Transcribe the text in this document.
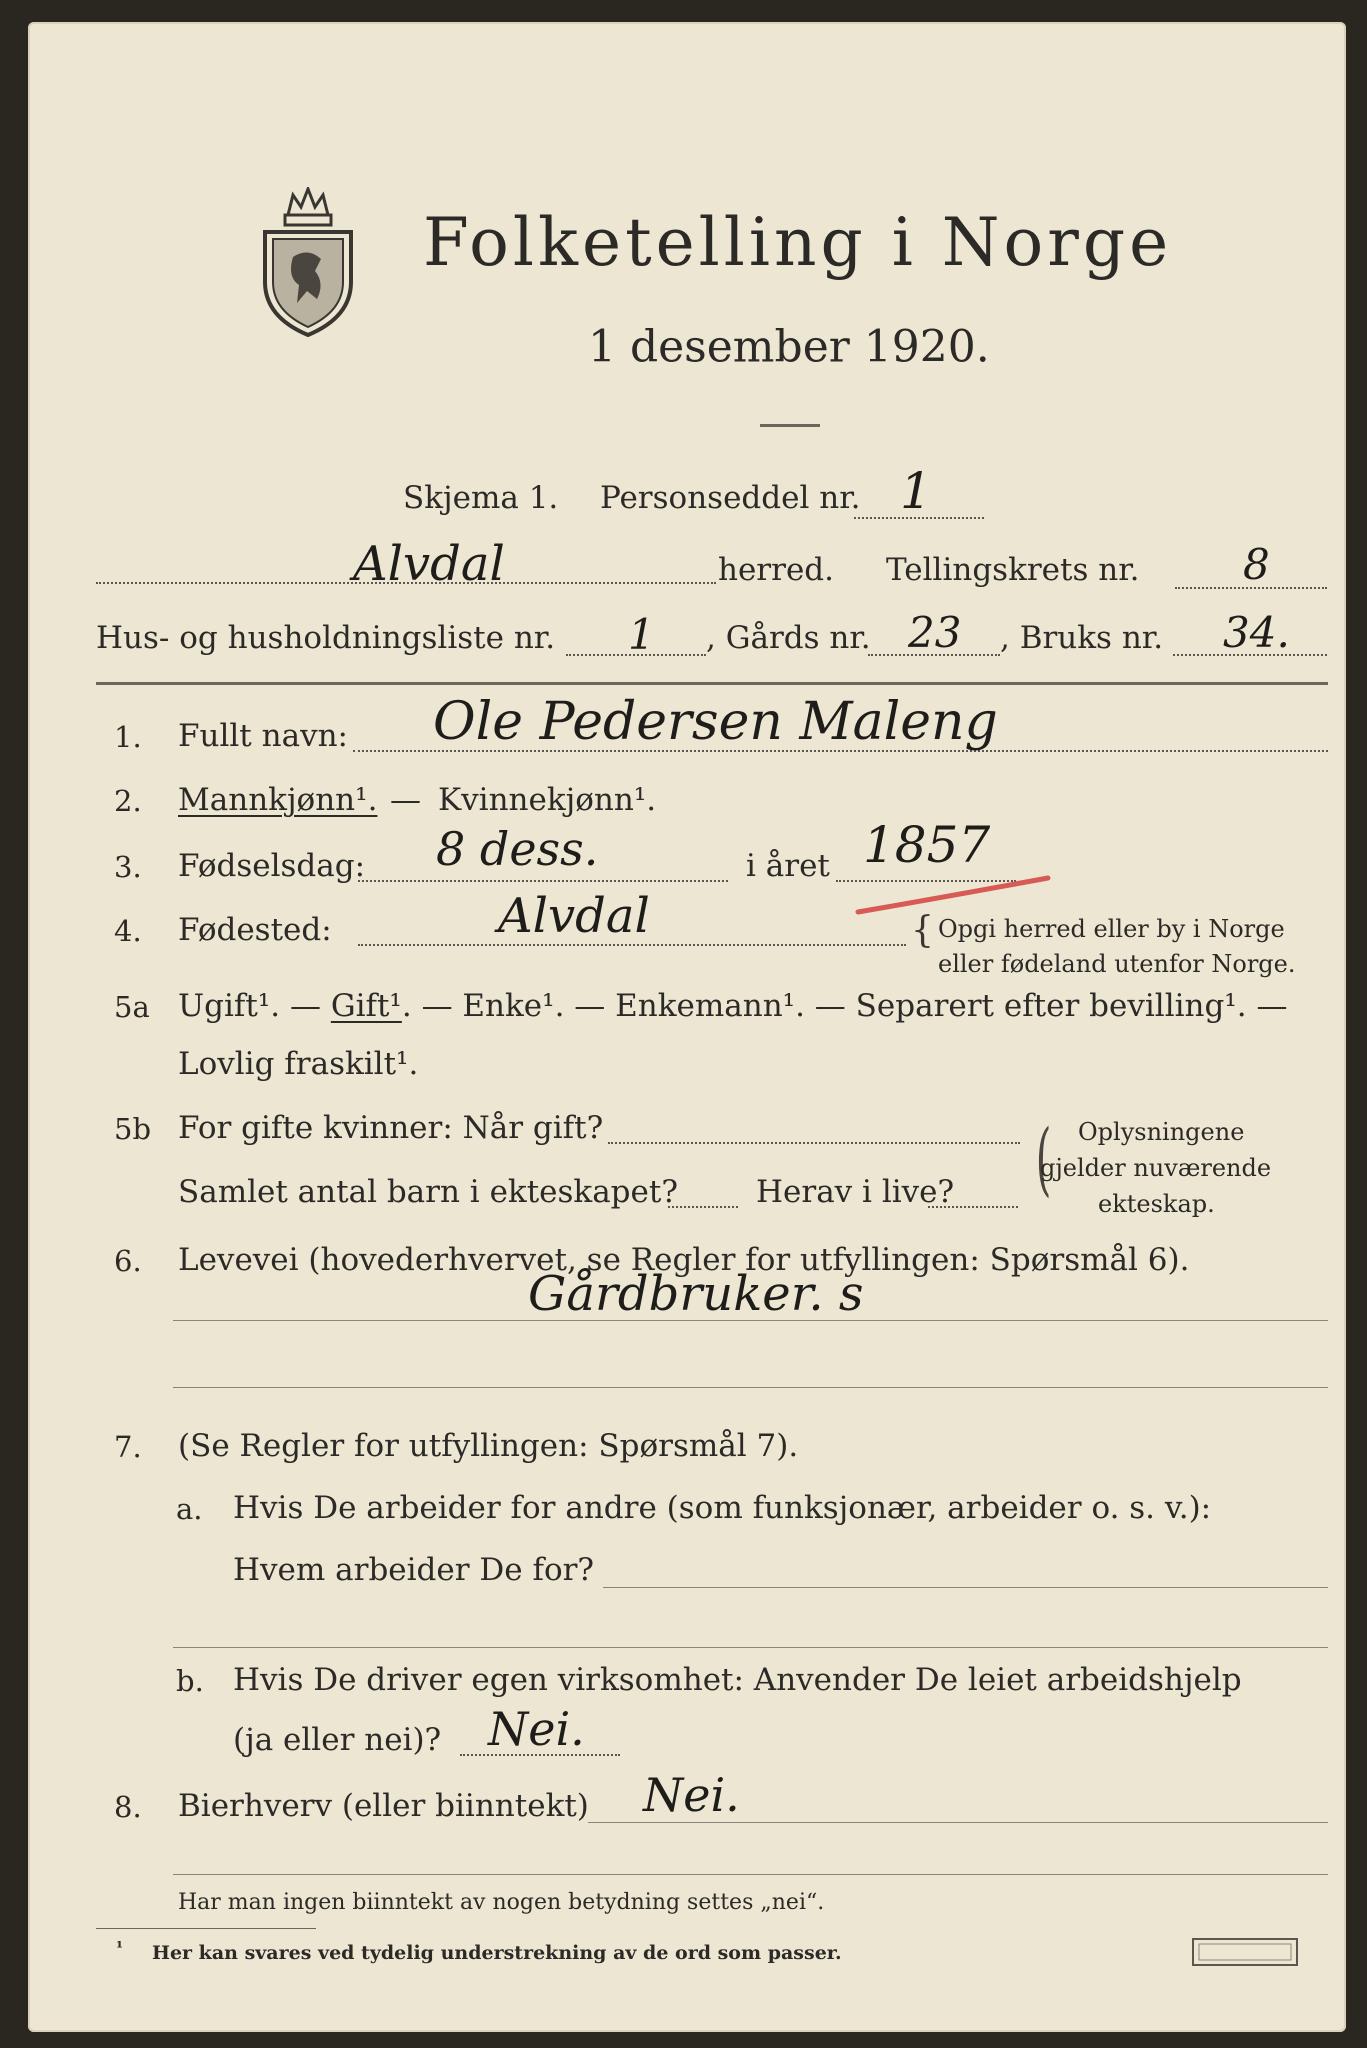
Folketelling i Norge
1 desember 1920.
Skjema 1. Personseddel nr. 1
Alvdal	herred. Tellingskrets nr. 8
Hus- og husholdningsliste nr. 1 , Gårds nr. 23 , Bruks nr. 34.
1. Fullt navn: Ole Pedersen Maleng
2. Mannkjønn¹. — Kvinnekjønn¹.
3. Fødselsdag: 8 dess.	i året 1857
4. Fødested:	Alvdal	{ Opgi herred eller by i Norge
eller fødeland utenfor Norge.
5a Ugift¹. — Gift¹. — Enke¹. — Enkemann¹. — Separert efter bevilling¹. —
Lovlig fraskilt¹.
5b For gifte kvinner: Når gift?
Samlet antal barn i ekteskapet?	Herav i live? ( Oplysningene
gjelder nuværende
ekteskap.
6. Levevei (hovederhvervet, se Regler for utfyllingen: Spørsmål 6).
Gårdbruker. s
7. (Se Regler for utfyllingen: Spørsmål 7).
a. Hvis De arbeider for andre (som funksjonær, arbeider o. s. v.):
Hvem arbeider De for?
b. Hvis De driver egen virksomhet: Anvender De leiet arbeidshjelp
(ja eller nei)? Nei.
8. Bierhverv (eller biinntekt) Nei.
Har man ingen biinntekt av nogen betydning settes „nei“.
¹ Her kan svares ved tydelig understrekning av de ord som passer.
